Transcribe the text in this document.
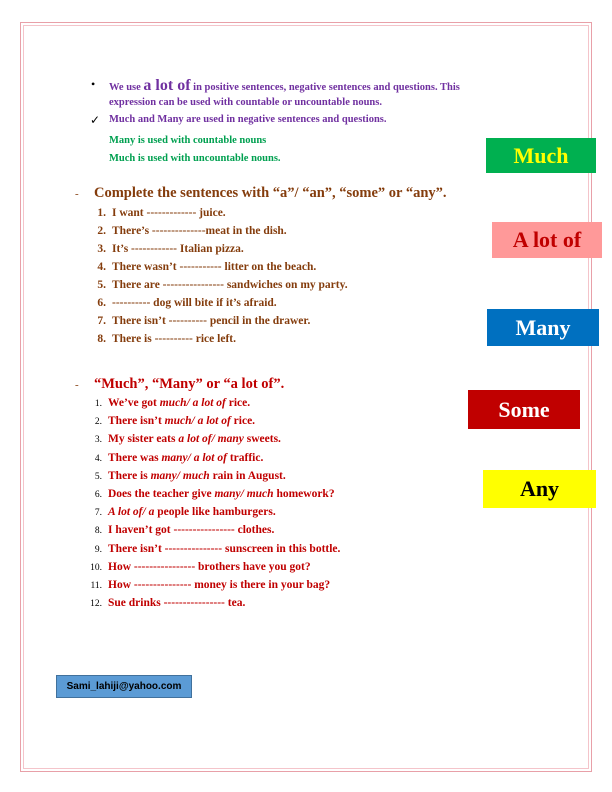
• We use a lot of in positive sentences, negative sentences and questions. This
expression can be used with countable or uncountable nouns.
✓ Much and Many are used in negative sentences and questions.
Many is used with countable nouns
Much is used with uncountable nouns.
- Complete the sentences with “a”/ “an”, “some” or “any”.
1. I want ------------- juice.
2. There’s --------------meat in the dish.
3. It’s ------------ Italian pizza.
4. There wasn’t ----------- litter on the beach.
5. There are ---------------- sandwiches on my party.
6. ---------- dog will bite if it’s afraid.
7. There isn’t ---------- pencil in the drawer.
8. There is ---------- rice left.
- “Much”, “Many” or “a lot of”.
1. We’ve got much/ a lot of rice.
2. There isn’t much/ a lot of rice.
3. My sister eats a lot of/ many sweets.
4. There was many/ a lot of traffic.
5. There is many/ much rain in August.
6. Does the teacher give many/ much homework?
7. A lot of/ a people like hamburgers.
8. I haven’t got ---------------- clothes.
9. There isn’t --------------- sunscreen in this bottle.
10. How ---------------- brothers have you got?
11. How --------------- money is there in your bag?
12. Sue drinks ---------------- tea.
Much
A lot of
Many
Some
Any
Sami_lahiji@yahoo.com
